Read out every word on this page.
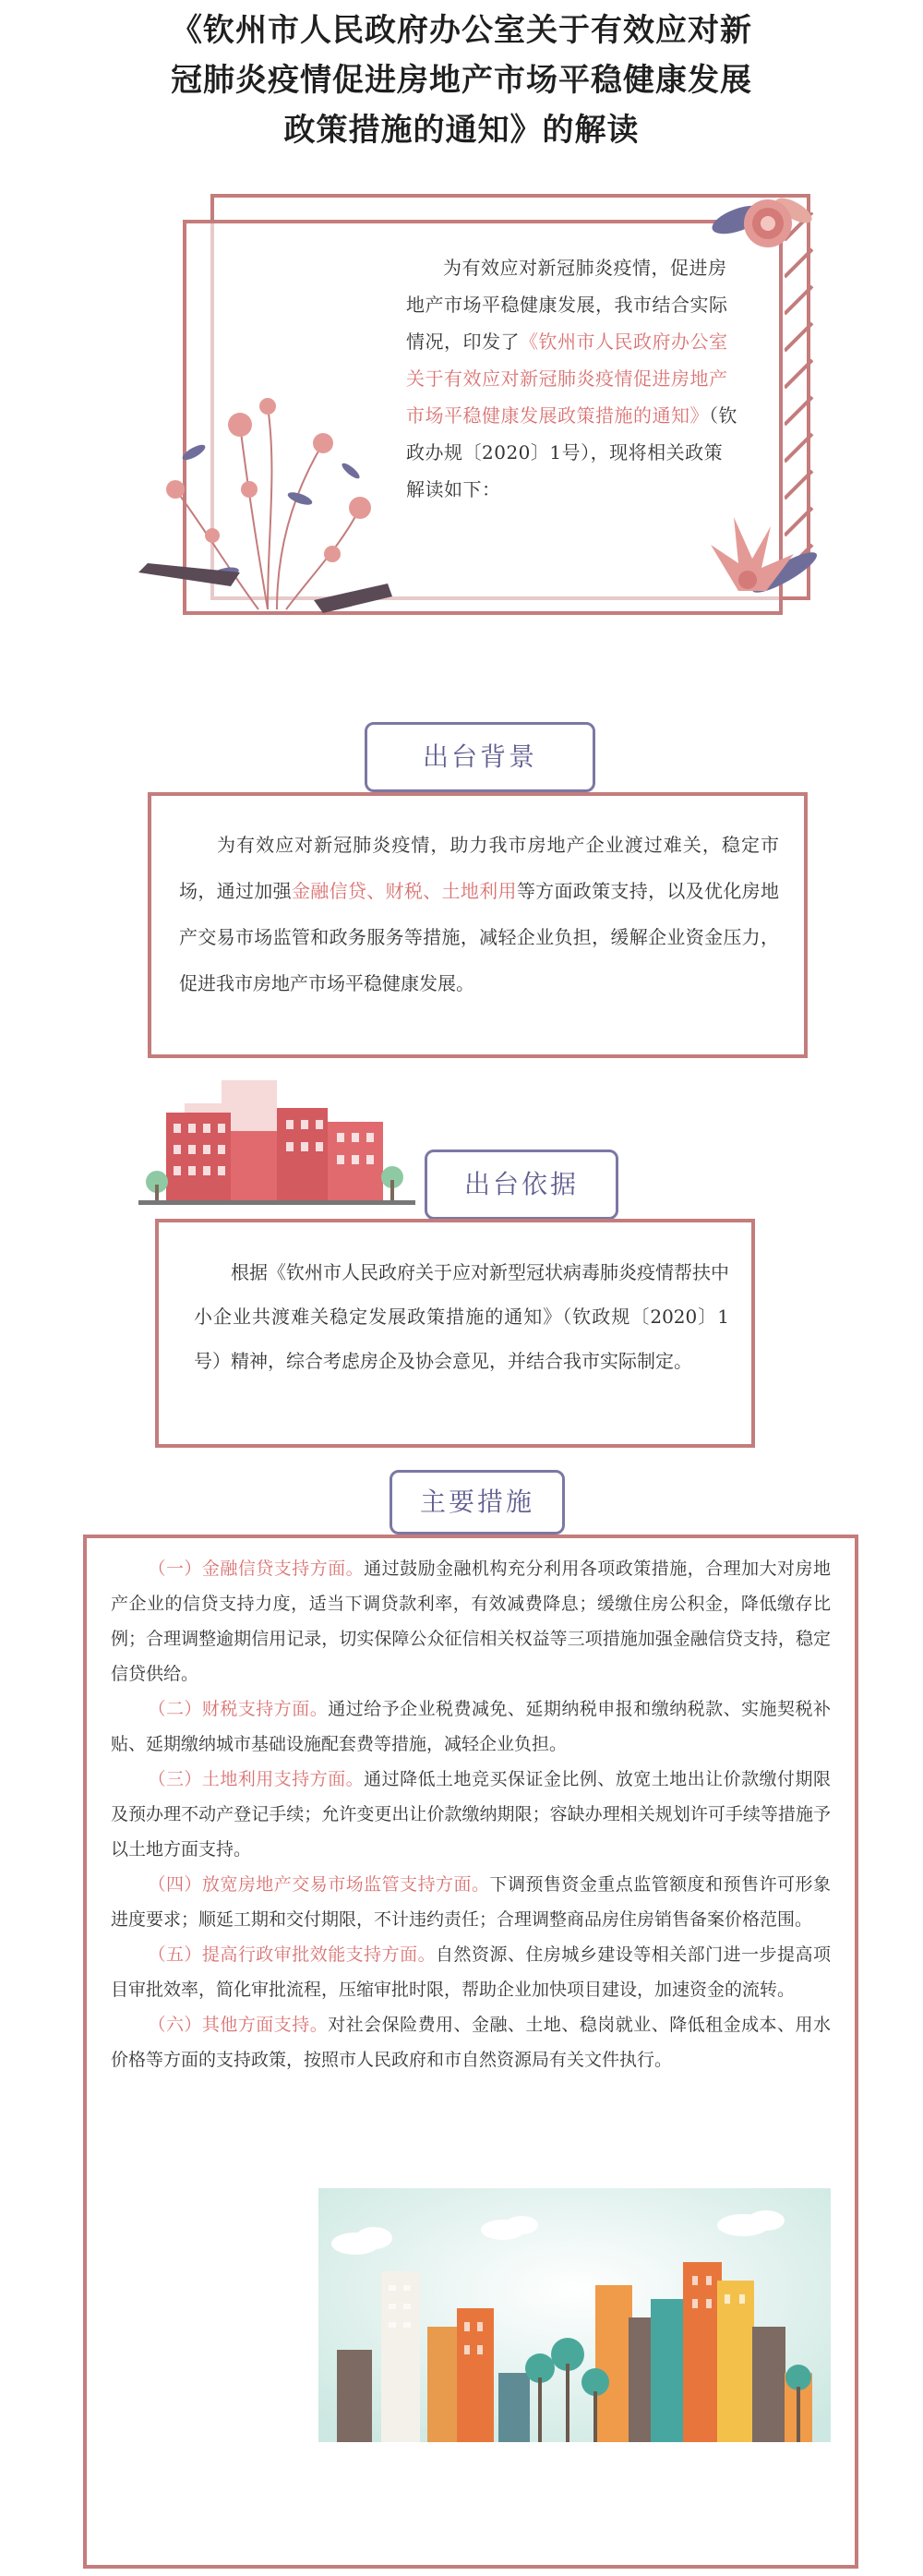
《钦州市人民政府办公室关于有效应对新
冠肺炎疫情促进房地产市场平稳健康发展
政策措施的通知》的解读
为有效应对新冠肺炎疫情，促进房地产市场平稳健康发展，我市结合实际情况，印发了《钦州市人民政府办公室关于有效应对新冠肺炎疫情促进房地产市场平稳健康发展政策措施的通知》（钦政办规〔2020〕1号），现将相关政策解读如下：
出台背景
为有效应对新冠肺炎疫情，助力我市房地产企业渡过难关，稳定市场，通过加强金融信贷、财税、土地利用等方面政策支持，以及优化房地产交易市场监管和政务服务等措施，减轻企业负担，缓解企业资金压力，促进我市房地产市场平稳健康发展。
出台依据
根据《钦州市人民政府关于应对新型冠状病毒肺炎疫情帮扶中小企业共渡难关稳定发展政策措施的通知》（钦政规〔2020〕1号）精神，综合考虑房企及协会意见，并结合我市实际制定。
主要措施

（一）金融信贷支持方面。通过鼓励金融机构充分利用各项政策措施，合理加大对房地产企业的信贷支持力度，适当下调贷款利率，有效减费降息；缓缴住房公积金，降低缴存比例；合理调整逾期信用记录，切实保障公众征信相关权益等三项措施加强金融信贷支持，稳定信贷供给。

（二）财税支持方面。通过给予企业税费减免、延期纳税申报和缴纳税款、实施契税补贴、延期缴纳城市基础设施配套费等措施，减轻企业负担。

（三）土地利用支持方面。通过降低土地竞买保证金比例、放宽土地出让价款缴付期限及预办理不动产登记手续；允许变更出让价款缴纳期限；容缺办理相关规划许可手续等措施予以土地方面支持。

（四）放宽房地产交易市场监管支持方面。下调预售资金重点监管额度和预售许可形象进度要求；顺延工期和交付期限，不计违约责任；合理调整商品房住房销售备案价格范围。

（五）提高行政审批效能支持方面。自然资源、住房城乡建设等相关部门进一步提高项目审批效率，简化审批流程，压缩审批时限，帮助企业加快项目建设，加速资金的流转。

（六）其他方面支持。对社会保险费用、金融、土地、稳岗就业、降低租金成本、用水价格等方面的支持政策，按照市人民政府和市自然资源局有关文件执行。
